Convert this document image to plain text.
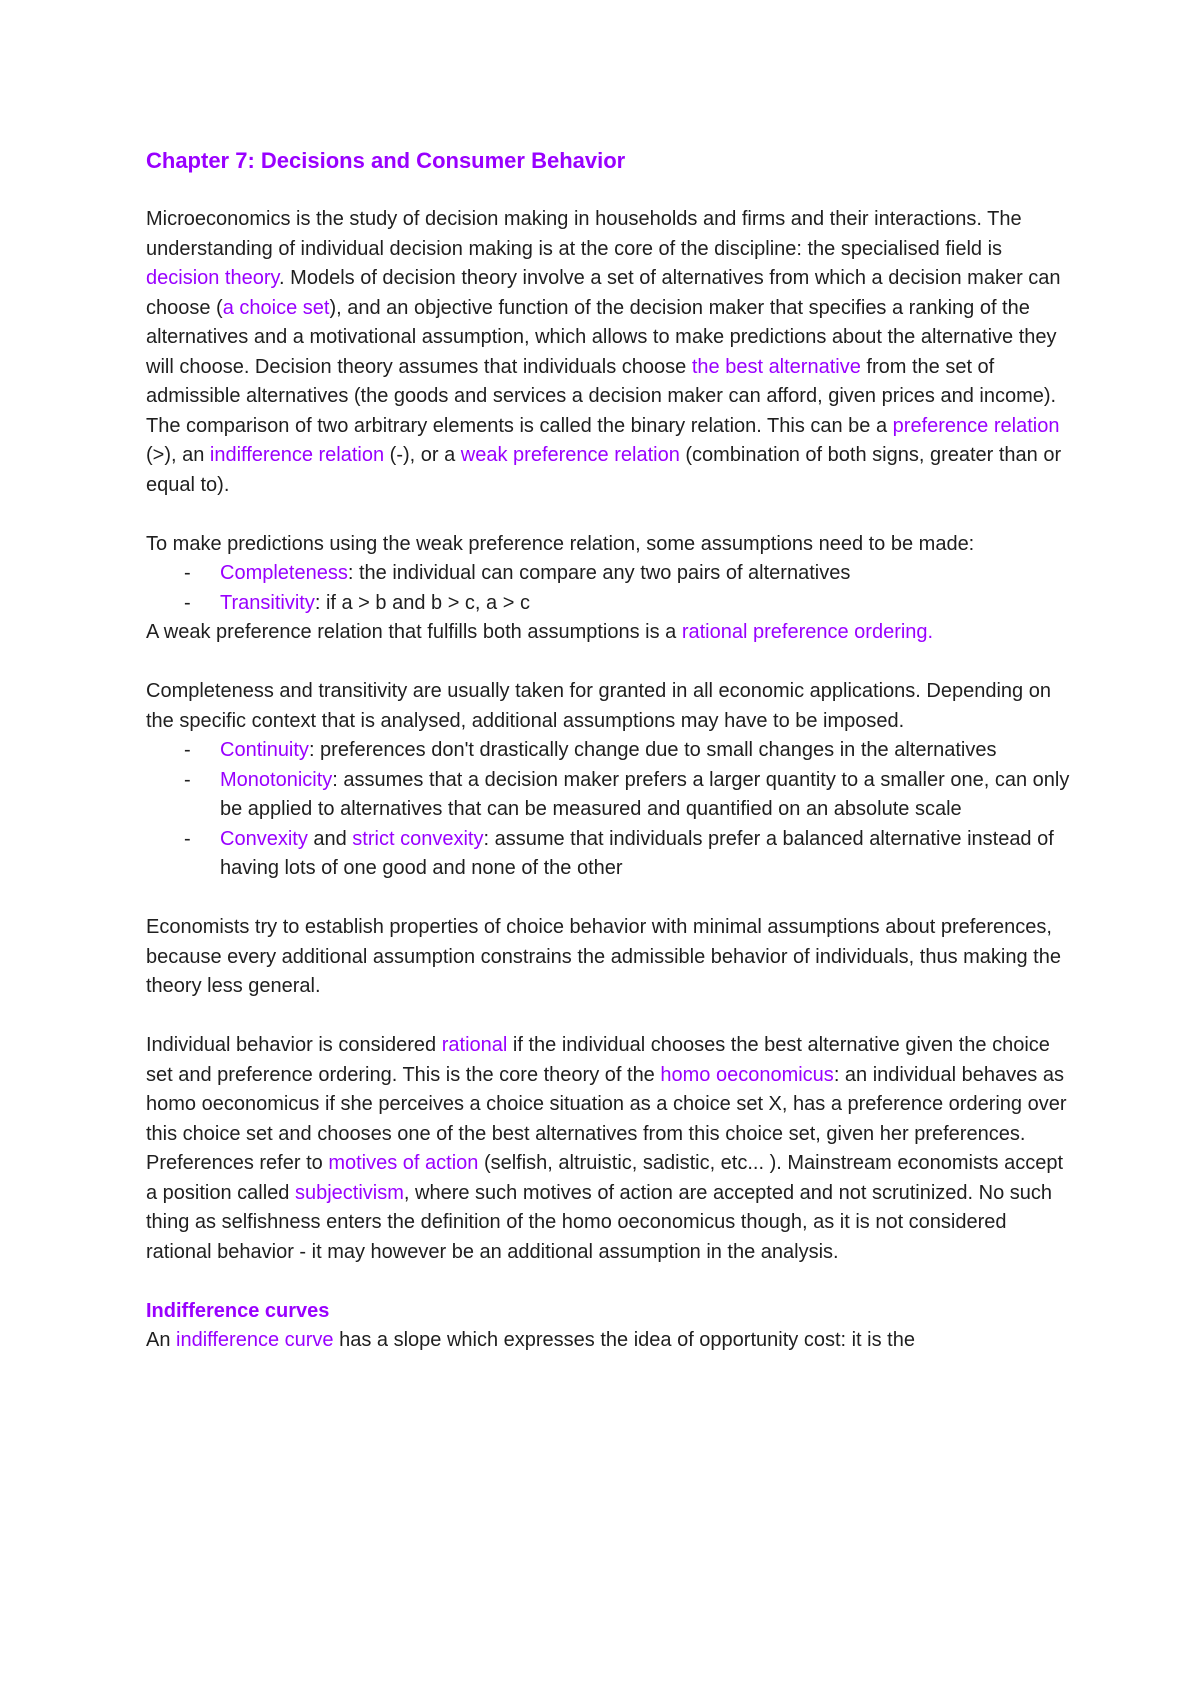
Chapter 7: Decisions and Consumer Behavior

Microeconomics is the study of decision making in households and firms and their interactions. The understanding of individual decision making is at the core of the discipline: the specialised field is decision theory. Models of decision theory involve a set of alternatives from which a decision maker can choose (a choice set), and an objective function of the decision maker that specifies a ranking of the alternatives and a motivational assumption, which allows to make predictions about the alternative they will choose. Decision theory assumes that individuals choose the best alternative from the set of admissible alternatives (the goods and services a decision maker can afford, given prices and income).

The comparison of two arbitrary elements is called the binary relation. This can be a preference relation (>), an indifference relation (-), or a weak preference relation (combination of both signs, greater than or equal to).

To make predictions using the weak preference relation, some assumptions need to be made:

- Completeness: the individual can compare any two pairs of alternatives
- Transitivity: if a > b and b > c, a > c

A weak preference relation that fulfills both assumptions is a rational preference ordering.

Completeness and transitivity are usually taken for granted in all economic applications. Depending on the specific context that is analysed, additional assumptions may have to be imposed.

- Continuity: preferences don't drastically change due to small changes in the alternatives
- Monotonicity: assumes that a decision maker prefers a larger quantity to a smaller one, can only be applied to alternatives that can be measured and quantified on an absolute scale
- Convexity and strict convexity: assume that individuals prefer a balanced alternative instead of having lots of one good and none of the other

Economists try to establish properties of choice behavior with minimal assumptions about preferences, because every additional assumption constrains the admissible behavior of individuals, thus making the theory less general.

Individual behavior is considered rational if the individual chooses the best alternative given the choice set and preference ordering. This is the core theory of the homo oeconomicus: an individual behaves as homo oeconomicus if she perceives a choice situation as a choice set X, has a preference ordering over this choice set and chooses one of the best alternatives from this choice set, given her preferences.

Preferences refer to motives of action (selfish, altruistic, sadistic, etc... ). Mainstream economists accept a position called subjectivism, where such motives of action are accepted and not scrutinized. No such thing as selfishness enters the definition of the homo oeconomicus though, as it is not considered rational behavior - it may however be an additional assumption in the analysis.

Indifference curves

An indifference curve has a slope which expresses the idea of opportunity cost: it is the
